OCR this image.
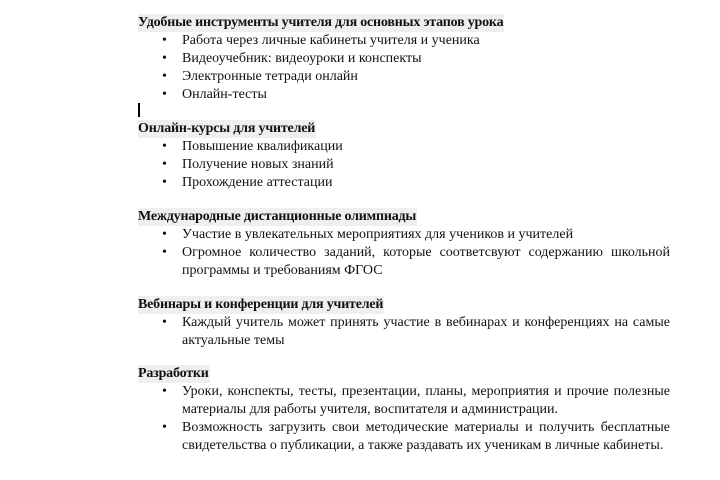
Удобные инструменты учителя для основных этапов урока
•	Работа через личные кабинеты учителя и ученика
•	Видеоучебник: видеоуроки и конспекты
•	Электронные тетради онлайн
•	Онлайн-тесты
Онлайн-курсы для учителей
•	Повышение квалификации
•	Получение новых знаний
•	Прохождение аттестации
Международные дистанционные олимпиады
•	Участие в увлекательных мероприятиях для учеников и учителей
•	Огромное количество заданий, которые соответсвуют содержанию школьной программы и требованиям ФГОС
Вебинары и конференции для учителей
•	Каждый учитель может принять участие в вебинарах и конференциях на самые актуальные темы
Разработки
•	Уроки, конспекты, тесты, презентации, планы, мероприятия и прочие полезные материалы для работы учителя, воспитателя и администрации.
•	Возможность загрузить свои методические материалы и получить бесплатные свидетельства о публикации, а также раздавать их ученикам в личные кабинеты.
